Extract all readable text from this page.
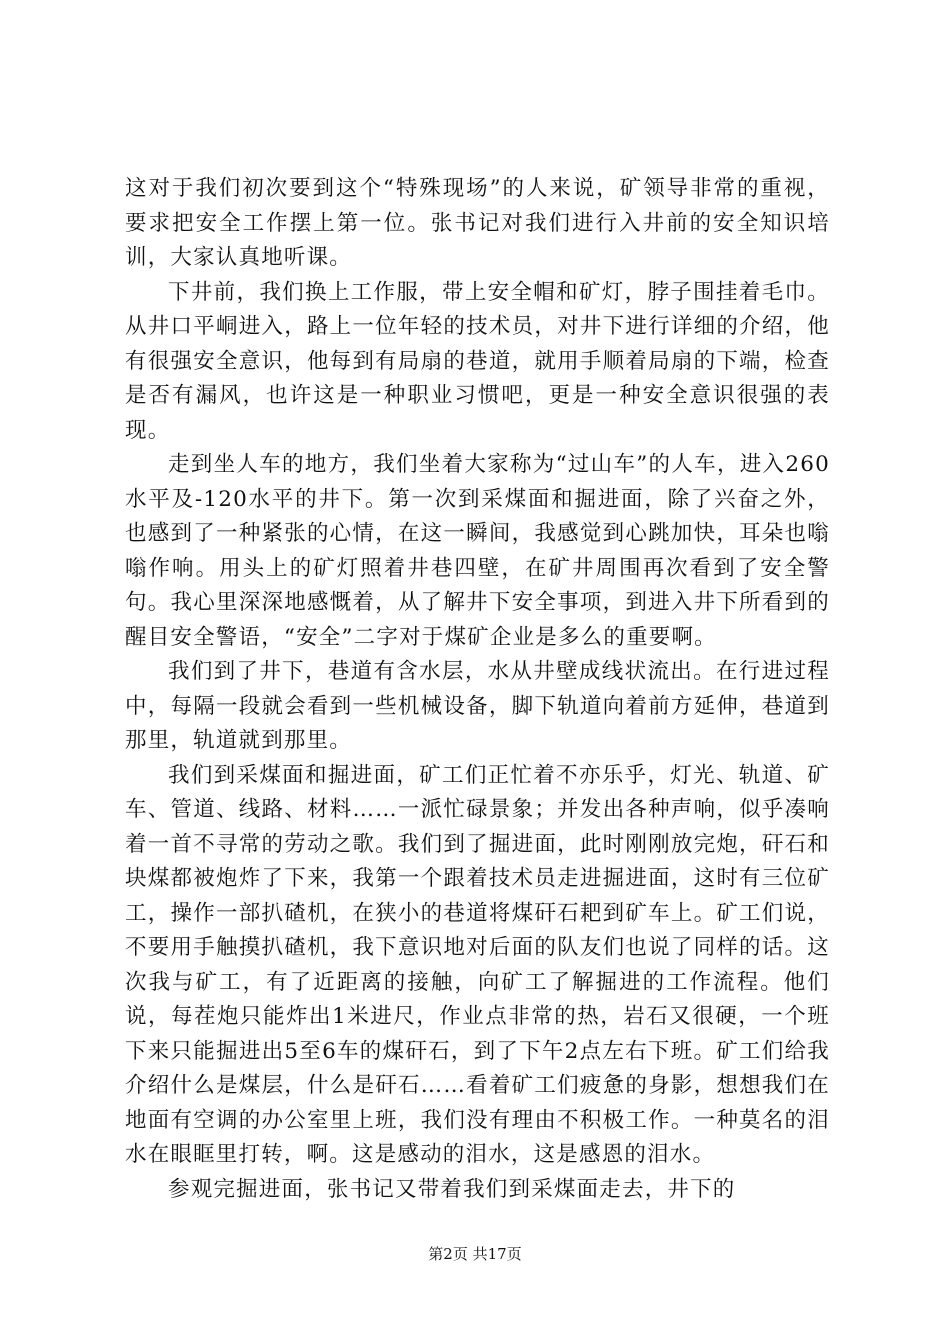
这对于我们初次要到这个“特殊现场”的人来说，矿领导非常的重视，要求把安全工作摆上第一位。张书记对我们进行入井前的安全知识培训，大家认真地听课。

下井前，我们换上工作服，带上安全帽和矿灯，脖子围挂着毛巾。从井口平峒进入，路上一位年轻的技术员，对井下进行详细的介绍，他有很强安全意识，他每到有局扇的巷道，就用手顺着局扇的下端，检查是否有漏风，也许这是一种职业习惯吧，更是一种安全意识很强的表现。

走到坐人车的地方，我们坐着大家称为“过山车”的人车，进入260水平及-120水平的井下。第一次到采煤面和掘进面，除了兴奋之外，也感到了一种紧张的心情，在这一瞬间，我感觉到心跳加快，耳朵也嗡嗡作响。用头上的矿灯照着井巷四壁，在矿井周围再次看到了安全警句。我心里深深地感慨着，从了解井下安全事项，到进入井下所看到的醒目安全警语，“安全”二字对于煤矿企业是多么的重要啊。

我们到了井下，巷道有含水层，水从井壁成线状流出。在行进过程中，每隔一段就会看到一些机械设备，脚下轨道向着前方延伸，巷道到那里，轨道就到那里。

我们到采煤面和掘进面，矿工们正忙着不亦乐乎，灯光、轨道、矿车、管道、线路、材料……一派忙碌景象；并发出各种声响，似乎凑响着一首不寻常的劳动之歌。我们到了掘进面，此时刚刚放完炮，矸石和块煤都被炮炸了下来，我第一个跟着技术员走进掘进面，这时有三位矿工，操作一部扒碴机，在狭小的巷道将煤矸石耙到矿车上。矿工们说，不要用手触摸扒碴机，我下意识地对后面的队友们也说了同样的话。这次我与矿工，有了近距离的接触，向矿工了解掘进的工作流程。他们说，每茬炮只能炸出1米进尺，作业点非常的热，岩石又很硬，一个班下来只能掘进出5至6车的煤矸石，到了下午2点左右下班。矿工们给我介绍什么是煤层，什么是矸石……看着矿工们疲惫的身影，想想我们在地面有空调的办公室里上班，我们没有理由不积极工作。一种莫名的泪水在眼眶里打转，啊。这是感动的泪水，这是感恩的泪水。

参观完掘进面，张书记又带着我们到采煤面走去，井下的

第2页 共17页
